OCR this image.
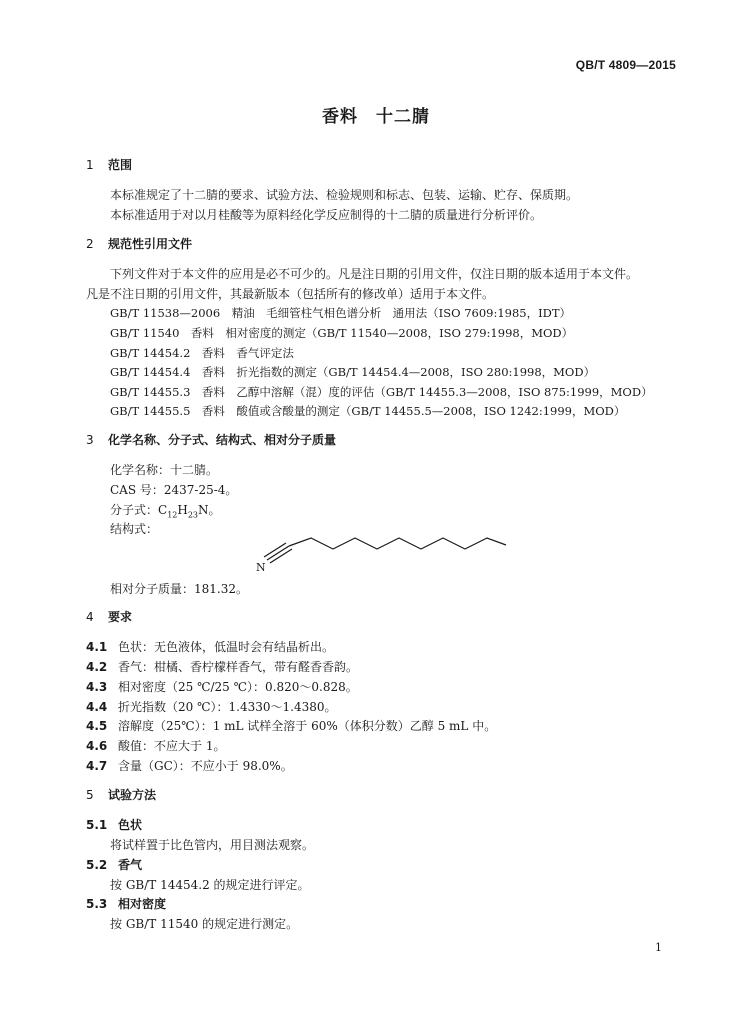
QB/T 4809—2015
香料　十二腈
1 范围
本标准规定了十二腈的要求、试验方法、检验规则和标志、包装、运输、贮存、保质期。
本标准适用于对以月桂酸等为原料经化学反应制得的十二腈的质量进行分析评价。
2 规范性引用文件
下列文件对于本文件的应用是必不可少的。凡是注日期的引用文件，仅注日期的版本适用于本文件。
凡是不注日期的引用文件，其最新版本（包括所有的修改单）适用于本文件。
GB/T 11538—2006　精油　毛细管柱气相色谱分析　通用法（ISO 7609:1985，IDT）
GB/T 11540　香料　相对密度的测定（GB/T 11540—2008，ISO 279:1998，MOD）
GB/T 14454.2　香料　香气评定法
GB/T 14454.4　香料　折光指数的测定（GB/T 14454.4—2008，ISO 280:1998，MOD）
GB/T 14455.3　香料　乙醇中溶解（混）度的评估（GB/T 14455.3—2008，ISO 875:1999，MOD）
GB/T 14455.5　香料　酸值或含酸量的测定（GB/T 14455.5—2008，ISO 1242:1999，MOD）
3 化学名称、分子式、结构式、相对分子质量
化学名称：十二腈。
CAS 号：2437-25-4。
分子式：$C_{12}H_{23}N$。
结构式：
N
相对分子质量：181.32。
4 要求
4.1 色状：无色液体，低温时会有结晶析出。
4.2 香气：柑橘、香柠檬样香气，带有醛香香韵。
4.3 相对密度（25 ℃/25 ℃）：0.820～0.828。
4.4 折光指数（20 ℃）：1.4330～1.4380。
4.5 溶解度（25℃）：1 mL 试样全溶于 60%（体积分数）乙醇 5 mL 中。
4.6 酸值：不应大于 1。
4.7 含量（GC）：不应小于 98.0%。
5 试验方法
5.1 色状
将试样置于比色管内，用目测法观察。
5.2 香气
按 GB/T 14454.2 的规定进行评定。
5.3 相对密度
按 GB/T 11540 的规定进行测定。
1
